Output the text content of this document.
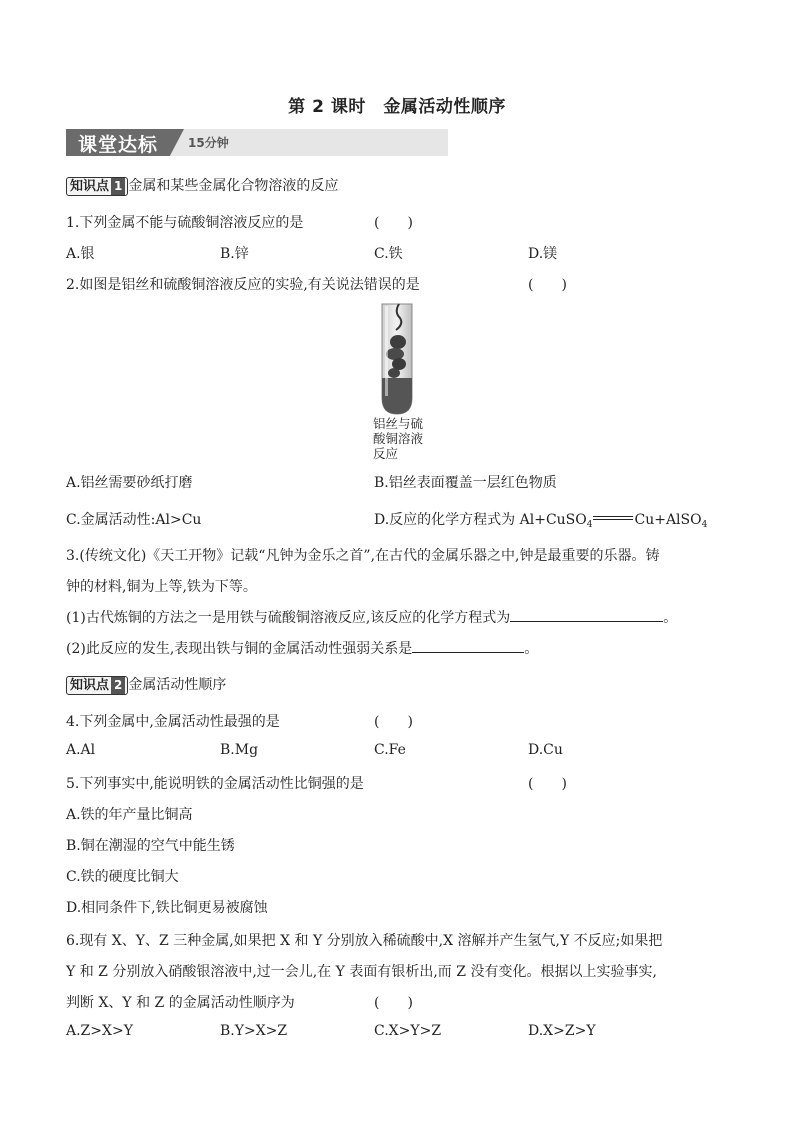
第 2 课时　金属活动性顺序
课堂达标 15分钟
知识点 1 金属和某些金属化合物溶液的反应
1.下列金属不能与硫酸铜溶液反应的是	(　　)
A.银	B.锌	C.铁	D.镁
2.如图是铝丝和硫酸铜溶液反应的实验,有关说法错误的是	(　　)
铝丝与硫酸铜溶液反应
A.铝丝需要砂纸打磨	B.铝丝表面覆盖一层红色物质
C.金属活动性:Al>Cu	D.反应的化学方程式为 Al+CuSO$_4$	Cu+AlSO$_4$
3.(传统文化)《天工开物》记载“凡钟为金乐之首”,在古代的金属乐器之中,钟是最重要的乐器。铸
钟的材料,铜为上等,铁为下等。
(1)古代炼铜的方法之一是用铁与硫酸铜溶液反应,该反应的化学方程式为	。
(2)此反应的发生,表现出铁与铜的金属活动性强弱关系是	。
知识点 2 金属活动性顺序
4.下列金属中,金属活动性最强的是	(　　)
A.Al	B.Mg	C.Fe	D.Cu
5.下列事实中,能说明铁的金属活动性比铜强的是	(　　)
A.铁的年产量比铜高
B.铜在潮湿的空气中能生锈
C.铁的硬度比铜大
D.相同条件下,铁比铜更易被腐蚀
6.现有 X、Y、Z 三种金属,如果把 X 和 Y 分别放入稀硫酸中,X 溶解并产生氢气,Y 不反应;如果把
Y 和 Z 分别放入硝酸银溶液中,过一会儿,在 Y 表面有银析出,而 Z 没有变化。根据以上实验事实,
判断 X、Y 和 Z 的金属活动性顺序为	(　　)
A.Z>X>Y	B.Y>X>Z	C.X>Y>Z	D.X>Z>Y
